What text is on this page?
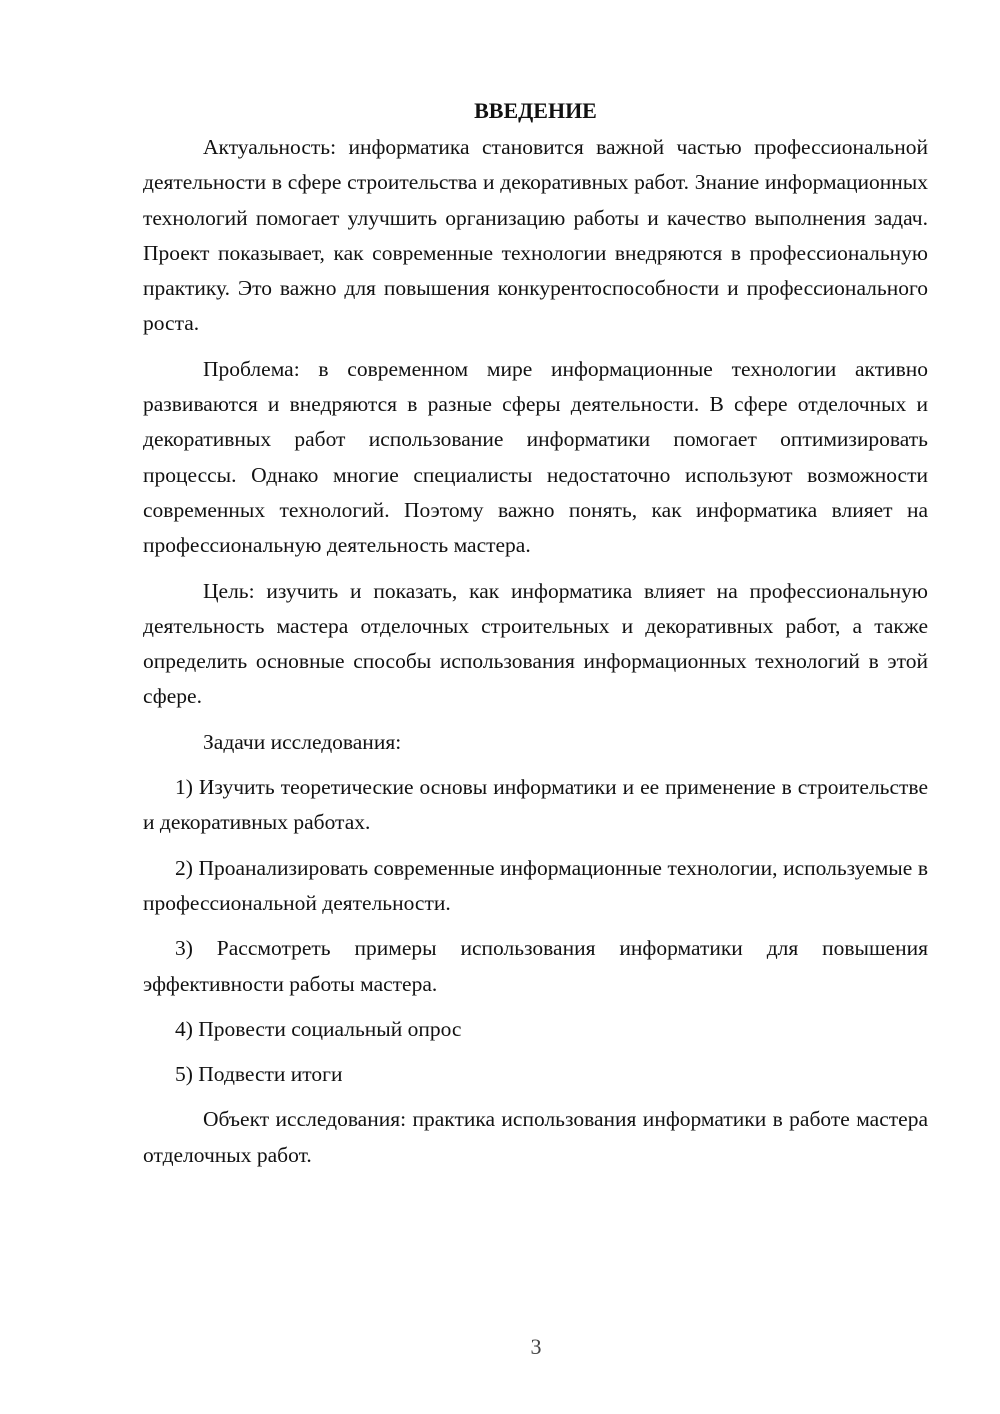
ВВЕДЕНИЕ

Актуальность: информатика становится важной частью профессиональной деятельности в сфере строительства и декоративных работ. Знание информационных технологий помогает улучшить организацию работы и качество выполнения задач. Проект показывает, как современные технологии внедряются в профессиональную практику. Это важно для повышения конкурентоспособности и профессионального роста.

Проблема: в современном мире информационные технологии активно развиваются и внедряются в разные сферы деятельности. В сфере отделочных и декоративных работ использование информатики помогает оптимизировать процессы. Однако многие специалисты недостаточно используют возможности современных технологий. Поэтому важно понять, как информатика влияет на профессиональную деятельность мастера.

Цель: изучить и показать, как информатика влияет на профессиональную деятельность мастера отделочных строительных и декоративных работ, а также определить основные способы использования информационных технологий в этой сфере.

Задачи исследования:

1) Изучить теоретические основы информатики и ее применение в строительстве и декоративных работах.

2) Проанализировать современные информационные технологии, используемые в профессиональной деятельности.

3) Рассмотреть примеры использования информатики для повышения эффективности работы мастера.

4) Провести социальный опрос

5) Подвести итоги

Объект исследования: практика использования информатики в работе мастера отделочных работ.

3
